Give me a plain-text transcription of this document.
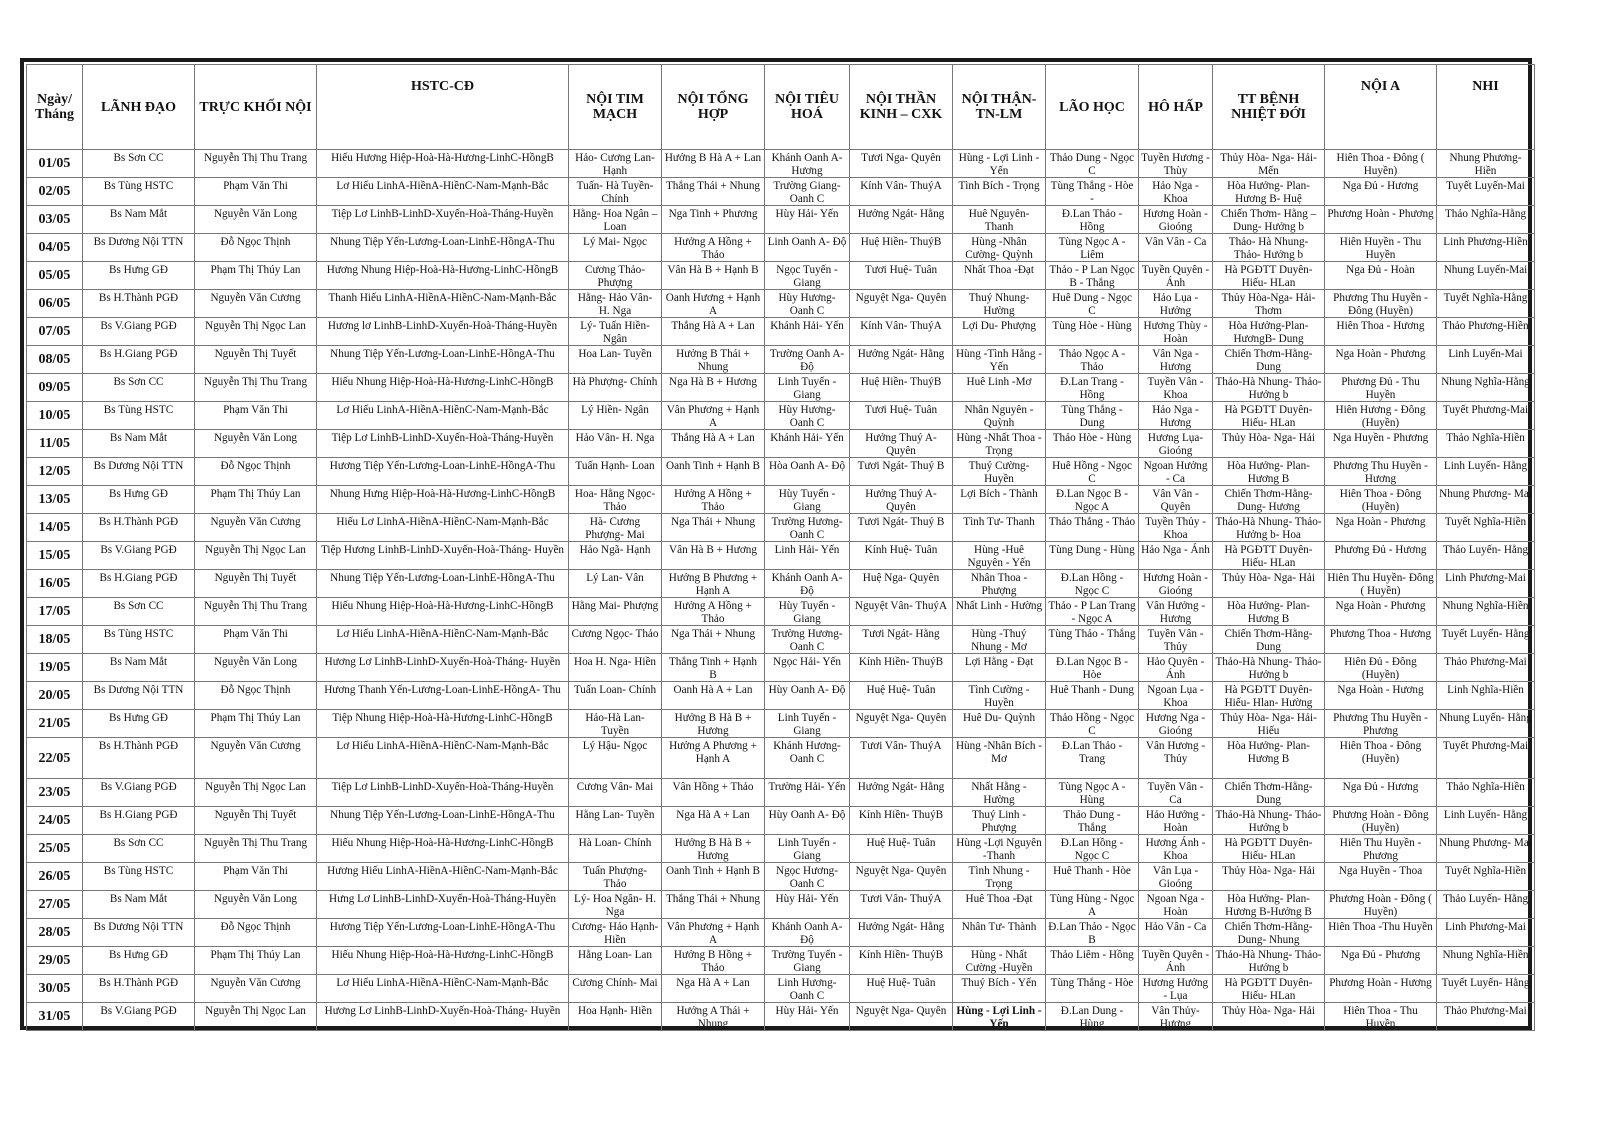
Ngày/ Tháng	LÃNH ĐẠO	TRỰC KHỐI NỘI	HSTC-CĐ	NỘI TIM MẠCH	NỘI TỔNG HỢP	NỘI TIÊU HOÁ	NỘI THẦN KINH – CXK	NỘI THẬN- TN-LM	LÃO HỌC	HÔ HẤP	TT BỆNH NHIỆT ĐỚI	NỘI A	NHI
01/05	Bs Sơn CC	Nguyễn Thị Thu Trang	Hiếu Hương Hiệp-Hoà-Hà-Hương-LinhC-HồngB	Hảo- Cương Lan- Hạnh	Hưởng B Hà A + Lan	Khánh Oanh A- Hương	Tươi Nga- Quyên	Hùng - Lợi Linh -Yến	Thảo Dung - Ngọc C	Tuyền Hương - Thùy	Thủy Hòa- Nga- Hải- Mến	Hiên Thoa - Đông ( Huyền)	Nhung Phương- Hiền
02/05	Bs Tùng HSTC	Phạm Văn Thi	Lơ Hiếu LinhA-HiềnA-HiềnC-Nam-Mạnh-Bắc	Tuấn- Hà Tuyền- Chính	Thắng Thái + Nhung	Trường Giang- Oanh C	Kính Vân- ThuýA	Tình Bích - Trọng	Tùng Thắng - Hòe -	Hảo Nga - Khoa	Hòa Hưởng- Plan- Hương B- Huệ	Nga Đủ - Hương	Tuyết Luyến-Mai
03/05	Bs Nam Mắt	Nguyễn Văn Long	Tiệp Lơ LinhB-LinhD-Xuyến-Hoà-Tháng-Huyền	Hằng- Hoa Ngân – Loan	Nga Tinh + Phương	Hùy Hải- Yến	Hưởng Ngát- Hằng	Huê Nguyên- Thanh	Đ.Lan Thảo - Hồng	Hương Hoàn - Gioóng	Chiến Thơm- Hằng – Dung- Hưởng b	Phương Hoàn - Phương	Thảo Nghĩa-Hằng
04/05	Bs Dương Nội TTN	Đỗ Ngọc Thịnh	Nhung Tiệp Yến-Lương-Loan-LinhE-HồngA-Thu	Lý Mai- Ngọc	Hưởng A Hồng + Thảo	Linh Oanh A- Độ	Huệ Hiền- ThuýB	Hùng -Nhân Cường- Quỳnh	Tùng Ngọc A - Liêm	Vân Vân - Ca	Thảo- Hà Nhung- Thảo- Hưởng b	Hiên Huyền - Thu Huyền	Linh Phương-Hiền
05/05	Bs Hưng GĐ	Phạm Thị Thúy Lan	Hương Nhung Hiệp-Hoà-Hà-Hương-LinhC-HồngB	Cương Thảo- Phượng	Vân Hà B + Hạnh B	Ngọc Tuyến - Giang	Tươi Huệ- Tuân	Nhất Thoa -Đạt	Thảo - P Lan Ngọc B - Thắng	Tuyền Quyên - Ánh	Hà PGĐTT Duyên- Hiếu- HLan	Nga Đủ - Hoàn	Nhung Luyến-Mai
06/05	Bs H.Thành PGĐ	Nguyễn Văn Cương	Thanh Hiếu LinhA-HiềnA-HiềnC-Nam-Mạnh-Bắc	Hằng- Hảo Vân- H. Nga	Oanh Hương + Hạnh A	Hùy Hương- Oanh C	Nguyệt Nga- Quyên	Thuý Nhung- Hường	Huê Dung - Ngọc C	Hảo Lụa - Hưởng	Thủy Hòa-Nga- Hải- Thơm	Phương Thu Huyền - Đông (Huyền)	Tuyết Nghĩa-Hằng
07/05	Bs V.Giang PGĐ	Nguyễn Thị Ngọc Lan	Hương lơ LinhB-LinhD-Xuyến-Hoà-Tháng-Huyền	Lý- Tuấn Hiền- Ngân	Thắng Hà A + Lan	Khánh Hải- Yến	Kính Vân- ThuýA	Lợi Du- Phượng	Tùng Hòe - Hùng	Hương Thùy - Hoàn	Hòa Hưởng-Plan- HươngB- Dung	Hiên Thoa - Hương	Thảo Phương-Hiền
08/05	Bs H.Giang PGĐ	Nguyễn Thị Tuyết	Nhung Tiệp Yến-Lương-Loan-LinhE-HồngA-Thu	Hoa Lan- Tuyền	Hưởng B Thái + Nhung	Trường Oanh A- Độ	Hưởng Ngát- Hằng	Hùng -Tình Hằng - Yến	Thảo Ngọc A - Thảo	Vân Nga - Hương	Chiến Thơm-Hằng- Dung	Nga Hoàn - Phương	Linh Luyến-Mai
09/05	Bs Sơn CC	Nguyễn Thị Thu Trang	Hiếu Nhung Hiệp-Hoà-Hà-Hương-LinhC-HồngB	Hà Phượng- Chính	Nga Hà B + Hương	Linh Tuyến - Giang	Huệ Hiền- ThuýB	Huê Linh -Mơ	Đ.Lan Trang - Hồng	Tuyền Vân - Khoa	Thảo-Hà Nhung- Thảo- Hưởng b	Phương Đủ - Thu Huyền	Nhung Nghĩa-Hằng
10/05	Bs Tùng HSTC	Phạm Văn Thi	Lơ Hiếu LinhA-HiềnA-HiềnC-Nam-Mạnh-Bắc	Lý Hiền- Ngân	Vân Phương + Hạnh A	Hùy Hương- Oanh C	Tươi Huệ- Tuân	Nhân Nguyên - Quỳnh	Tùng Thắng - Dung	Hảo Nga - Hương	Hà PGĐTT Duyên- Hiếu- HLan	Hiên Hương - Đông (Huyền)	Tuyết Phương-Mai
11/05	Bs Nam Mắt	Nguyễn Văn Long	Tiệp Lơ LinhB-LinhD-Xuyến-Hoà-Tháng-Huyền	Hảo Vân- H. Nga	Thắng Hà A + Lan	Khánh Hải- Yến	Hưởng Thuý A- Quyên	Hùng -Nhất Thoa -Trọng	Thảo Hòe - Hùng	Hương Lụa- Gioóng	Thủy Hòa- Nga- Hải	Nga Huyền - Phương	Thảo Nghĩa-Hiền
12/05	Bs Dương Nội TTN	Đỗ Ngọc Thịnh	Hương Tiệp Yến-Lương-Loan-LinhE-HồngA-Thu	Tuấn Hạnh- Loan	Oanh Tinh + Hạnh B	Hòa Oanh A- Độ	Tươi Ngát- Thuý B	Thuý Cường- Huyền	Huê Hồng - Ngọc C	Ngoan Hưởng - Ca	Hòa Hưởng- Plan- Hương B	Phương Thu Huyền - Hương	Linh Luyến- Hằng
13/05	Bs Hưng GĐ	Phạm Thị Thúy Lan	Nhung Hưng Hiệp-Hoà-Hà-Hương-LinhC-HồngB	Hoa- Hằng Ngọc- Thảo	Hưởng A Hồng + Thảo	Hùy Tuyến - Giang	Hưởng Thuý A- Quyên	Lợi Bích - Thành	Đ.Lan Ngọc B - Ngọc A	Vân Vân - Quyên	Chiến Thơm-Hằng- Dung- Hương	Hiên Thoa - Đông (Huyền)	Nhung Phương- Mai
14/05	Bs H.Thành PGĐ	Nguyễn Văn Cương	Hiếu Lơ LinhA-HiềnA-HiềnC-Nam-Mạnh-Bắc	Hà- Cương Phượng- Mai	Nga Thái + Nhung	Trường Hương- Oanh C	Tươi Ngát- Thuý B	Tình Tư- Thanh	Thảo Thắng - Thảo	Tuyền Thủy - Khoa	Thảo-Hà Nhung- Thảo- Hưởng b- Hoa	Nga Hoàn - Phương	Tuyết Nghĩa-Hiền
15/05	Bs V.Giang PGĐ	Nguyễn Thị Ngọc Lan	Tiệp Hương LinhB-LinhD-Xuyến-Hoà-Tháng- Huyền	Hảo Ngã- Hạnh	Vân Hà B + Hương	Linh Hải- Yến	Kính Huệ- Tuân	Hùng -Huê Nguyên - Yến	Tùng Dung - Hùng	Hảo Nga - Ánh	Hà PGĐTT Duyên- Hiếu- HLan	Phương Đủ - Hương	Thảo Luyến- Hằng
16/05	Bs H.Giang PGĐ	Nguyễn Thị Tuyết	Nhung Tiệp Yến-Lương-Loan-LinhE-HồngA-Thu	Lý Lan- Vân	Hưởng B Phương + Hạnh A	Khánh Oanh A- Độ	Huệ Nga- Quyên	Nhân Thoa - Phượng	Đ.Lan Hồng - Ngọc C	Hương Hoàn - Gioóng	Thủy Hòa- Nga- Hải	Hiên Thu Huyền- Đông ( Huyền)	Linh Phương-Mai
17/05	Bs Sơn CC	Nguyễn Thị Thu Trang	Hiếu Nhung Hiệp-Hoà-Hà-Hương-LinhC-HồngB	Hằng Mai- Phượng	Hưởng A Hồng + Thảo	Hùy Tuyến - Giang	Nguyệt Vân- ThuýA	Nhất Linh - Hường	Thảo - P Lan Trang - Ngọc A	Vân Hưởng - Hương	Hòa Hưởng- Plan- Hương B	Nga Hoàn - Phương	Nhung Nghĩa-Hiền
18/05	Bs Tùng HSTC	Phạm Văn Thi	Lơ Hiếu LinhA-HiềnA-HiềnC-Nam-Mạnh-Bắc	Cương Ngọc- Thảo	Nga Thái + Nhung	Trường Hương- Oanh C	Tươi Ngát- Hằng	Hùng -Thuý Nhung - Mơ	Tùng Thảo - Thắng	Tuyền Vân - Thủy	Chiến Thơm-Hằng- Dung	Phương Thoa - Hương	Tuyết Luyến- Hằng
19/05	Bs Nam Mắt	Nguyễn Văn Long	Hương Lơ LinhB-LinhD-Xuyến-Hoà-Tháng- Huyền	Hoa H. Nga- Hiền	Thắng Tinh + Hạnh B	Ngọc Hải- Yến	Kính Hiền- ThuýB	Lợi Hằng - Đạt	Đ.Lan Ngọc B - Hòe	Hảo Quyên - Ánh	Thảo-Hà Nhung- Thảo- Hưởng b	Hiên Đủ - Đông (Huyền)	Thảo Phương-Mai
20/05	Bs Dương Nội TTN	Đỗ Ngọc Thịnh	Hương Thanh Yến-Lương-Loan-LinhE-HồngA- Thu	Tuấn Loan- Chính	Oanh Hà A + Lan	Hùy Oanh A- Độ	Huệ Huệ- Tuân	Tình Cường - Huyền	Huê Thanh - Dung	Ngoan Lụa - Khoa	Hà PGĐTT Duyên- Hiếu- Hlan- Hường	Nga Hoàn - Hương	Linh Nghĩa-Hiền
21/05	Bs Hưng GĐ	Phạm Thị Thúy Lan	Tiệp Nhung Hiệp-Hoà-Hà-Hương-LinhC-HồngB	Hảo-Hà Lan- Tuyền	Hưởng B Hà B + Hương	Linh Tuyến - Giang	Nguyệt Nga- Quyên	Huê Du- Quỳnh	Thảo Hồng - Ngọc C	Hương Nga - Gioóng	Thủy Hòa- Nga- Hải- Hiếu	Phương Thu Huyền - Phương	Nhung Luyến- Hằng
22/05	Bs H.Thành PGĐ	Nguyễn Văn Cương	Lơ Hiếu LinhA-HiềnA-HiềnC-Nam-Mạnh-Bắc	Lý Hậu- Ngọc	Hưởng A Phương + Hạnh A	Khánh Hương- Oanh C	Tươi Vân- ThuýA	Hùng -Nhân Bích - Mơ	Đ.Lan Thảo - Trang	Vân Hương - Thủy	Hòa Hưởng- Plan- Hương B	Hiên Thoa - Đông (Huyền)	Tuyết Phương-Mai
23/05	Bs V.Giang PGĐ	Nguyễn Thị Ngọc Lan	Tiệp Lơ LinhB-LinhD-Xuyến-Hoà-Tháng-Huyền	Cương Vân- Mai	Vân Hồng + Thảo	Trường Hải- Yến	Hưởng Ngát- Hằng	Nhất Hằng - Hường	Tùng Ngọc A - Hùng	Tuyền Vân - Ca	Chiến Thơm-Hằng- Dung	Nga Đủ - Hương	Thảo Nghĩa-Hiền
24/05	Bs H.Giang PGĐ	Nguyễn Thị Tuyết	Nhung Tiệp Yến-Lương-Loan-LinhE-HồngA-Thu	Hằng Lan- Tuyền	Nga Hà A + Lan	Hùy Oanh A- Độ	Kính Hiền- ThuýB	Thuý Linh - Phượng	Thảo Dung - Thắng	Hảo Hưởng - Hoàn	Thảo-Hà Nhung- Thảo- Hưởng b	Phương Hoàn - Đông (Huyền)	Linh Luyến- Hằng
25/05	Bs Sơn CC	Nguyễn Thị Thu Trang	Hiếu Nhung Hiệp-Hoà-Hà-Hương-LinhC-HồngB	Hà Loan- Chính	Hưởng B Hà B + Hương	Linh Tuyến - Giang	Huệ Huệ- Tuân	Hùng -Lợi Nguyên -Thanh	Đ.Lan Hồng - Ngọc C	Hương Ánh - Khoa	Hà PGĐTT Duyên- Hiếu- HLan	Hiên Thu Huyền - Phương	Nhung Phương- Mai
26/05	Bs Tùng HSTC	Phạm Văn Thi	Hương Hiếu LinhA-HiềnA-HiềnC-Nam-Mạnh-Bắc	Tuấn Phượng- Thảo	Oanh Tinh + Hạnh B	Ngọc Hương- Oanh C	Nguyệt Nga- Quyên	Tình Nhung - Trọng	Huê Thanh - Hòe	Vân Lụa - Gioóng	Thủy Hòa- Nga- Hải	Nga Huyền - Thoa	Tuyết Nghĩa-Hiền
27/05	Bs Nam Mắt	Nguyễn Văn Long	Hưng Lơ LinhB-LinhD-Xuyến-Hoà-Tháng-Huyền	Lý- Hoa Ngân- H. Nga	Thắng Thái + Nhung	Hùy Hải- Yến	Tươi Vân- ThuýA	Huê Thoa -Đạt	Tùng Hùng - Ngọc A	Ngoan Nga - Hoàn	Hòa Hưởng- Plan- Hương B-Hưởng B	Phương Hoàn - Đông ( Huyền)	Thảo Luyến- Hằng
28/05	Bs Dương Nội TTN	Đỗ Ngọc Thịnh	Hương Tiệp Yến-Lương-Loan-LinhE-HồngA-Thu	Cương- Hảo Hạnh- Hiền	Vân Phương + Hạnh A	Khánh Oanh A- Độ	Hưởng Ngát- Hằng	Nhân Tư- Thành	Đ.Lan Thảo - Ngọc B	Hảo Vân - Ca	Chiến Thơm-Hằng- Dung- Nhung	Hiên Thoa -Thu Huyền	Linh Phương-Mai
29/05	Bs Hưng GĐ	Phạm Thị Thúy Lan	Hiếu Nhung Hiệp-Hoà-Hà-Hương-LinhC-HồngB	Hằng Loan- Lan	Hưởng B Hồng + Thảo	Trường Tuyến - Giang	Kính Hiền- ThuýB	Hùng - Nhất Cường -Huyền	Thảo Liêm - Hồng	Tuyền Quyên - Ánh	Thảo-Hà Nhung- Thảo- Hưởng b	Nga Đủ - Phương	Nhung Nghĩa-Hiền
30/05	Bs H.Thành PGĐ	Nguyễn Văn Cương	Lơ Hiếu LinhA-HiềnA-HiềnC-Nam-Mạnh-Bắc	Cương Chính- Mai	Nga Hà A + Lan	Linh Hương- Oanh C	Huệ Huệ- Tuân	Thuý Bích - Yến	Tùng Thắng - Hòe	Hương Hưởng - Lụa	Hà PGĐTT Duyên- Hiếu- HLan	Phương Hoàn - Hương	Tuyết Luyến- Hằng
31/05	Bs V.Giang PGĐ	Nguyễn Thị Ngọc Lan	Hương Lơ LinhB-LinhD-Xuyến-Hoà-Tháng- Huyền	Hoa Hạnh- Hiền	Hưởng A Thái + Nhung	Hùy Hải- Yến	Nguyệt Nga- Quyên	Hùng - Lợi Linh -Yến	Đ.Lan Dung - Hùng	Vân Thủy- Hương	Thủy Hòa- Nga- Hải	Hiên Thoa - Thu Huyền	Thảo Phương-Mai
